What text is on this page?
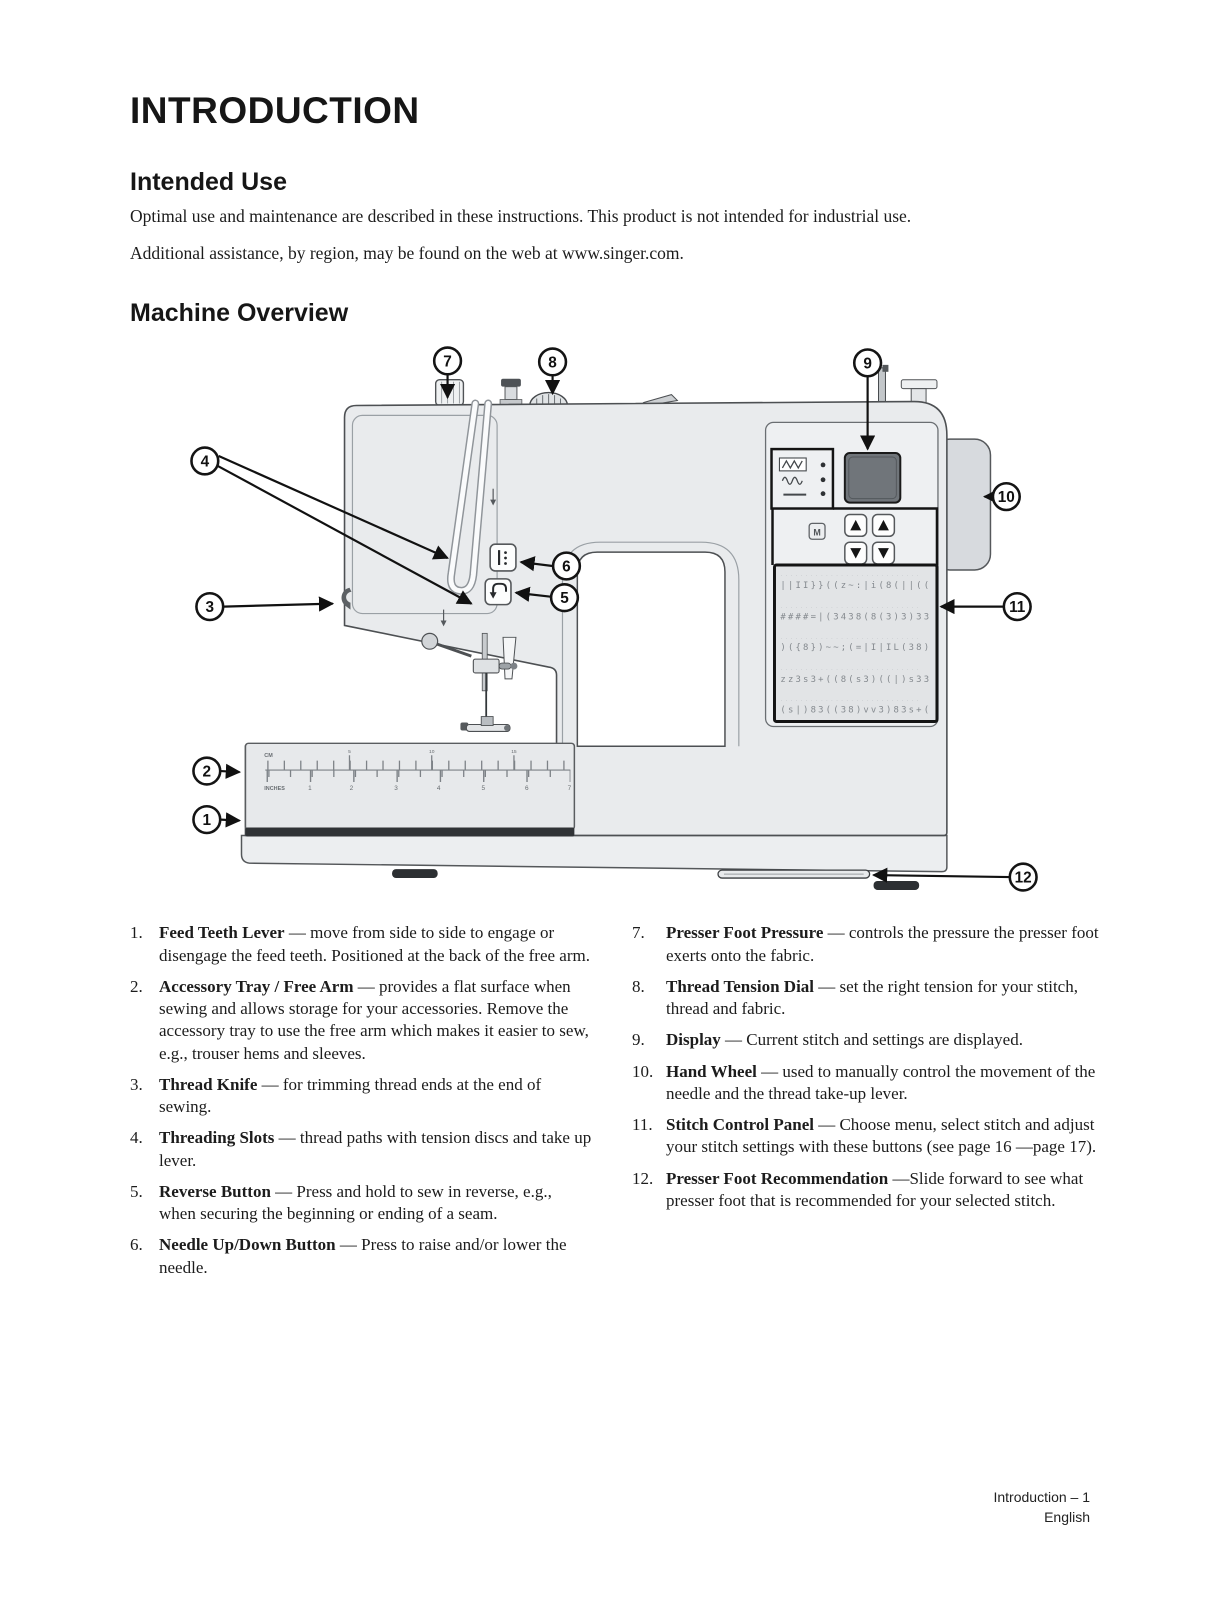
INTRODUCTION
Intended Use

Optimal use and maintenance are described in these instructions. This product is not intended for industrial use.

Additional assistance, by region, may be found on the web at www.singer.com.

Machine Overview
CM
5	10	15
INCHES	1	2	3	4	5	6	7
M
····························
||II}}((z~:|i(8(||((
····························
####=|(3438(8(3)3)33
····························
)({8})~~;(=|I|IL(38)
····························
zz3s3+((8(s3)((|)s33
····························
(s|)83((38)vv3)83s+(
1
2
3
4
5
6
7	8	9
10
11
12
1. Feed Teeth Lever — move from side to side to engage or disengage the feed teeth. Positioned at the back of the free arm.
2. Accessory Tray / Free Arm — provides a flat surface when sewing and allows storage for your accessories. Remove the accessory tray to use the free arm which makes it easier to sew, e.g., trouser hems and sleeves.
3. Thread Knife — for trimming thread ends at the end of sewing.
4. Threading Slots — thread paths with tension discs and take up lever.
5. Reverse Button — Press and hold to sew in reverse, e.g., when securing the beginning or ending of a seam.
6. Needle Up/Down Button — Press to raise and/or lower the needle.
7.	Presser Foot Pressure — controls the pressure the presser foot exerts onto the fabric.
8.	Thread Tension Dial — set the right tension for your stitch, thread and fabric.
9.	Display — Current stitch and settings are displayed.
10. Hand Wheel — used to manually control the movement of the needle and the thread take-up lever.
11. Stitch Control Panel — Choose menu, select stitch and adjust your stitch settings with these buttons (see page 16 —page 17).
12. Presser Foot Recommendation —Slide forward to see what presser foot that is recommended for your selected stitch.
Introduction – 1
English
